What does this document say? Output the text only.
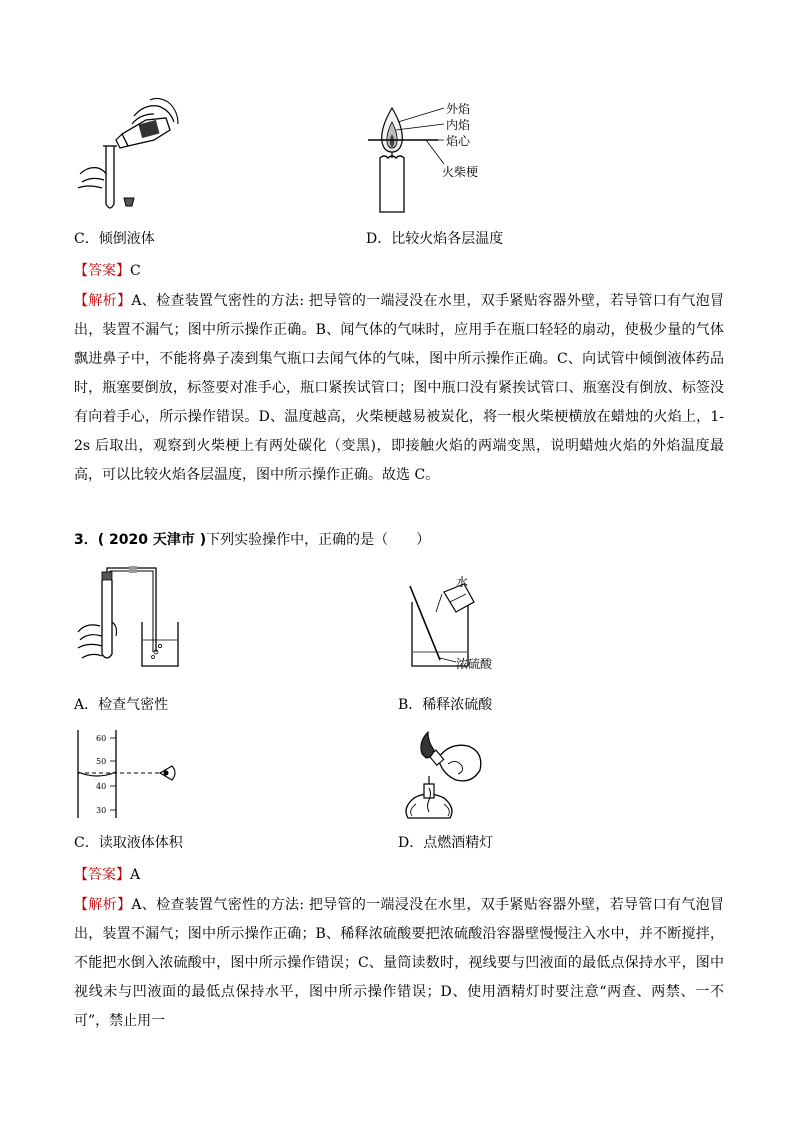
C．倾倒液体
外焰
内焰
焰心
火柴梗
D．比较火焰各层温度
【答案】C
【解析】A、检查装置气密性的方法: 把导管的一端浸没在水里，双手紧贴容器外壁，若导管口有气泡冒出，装置不漏气；图中所示操作正确。B、闻气体的气味时，应用手在瓶口轻轻的扇动，使极少量的气体飘进鼻子中，不能将鼻子凑到集气瓶口去闻气体的气味，图中所示操作正确。C、向试管中倾倒液体药品时，瓶塞要倒放，标签要对准手心，瓶口紧挨试管口；图中瓶口没有紧挨试管口、瓶塞没有倒放、标签没有向着手心，所示操作错误。D、温度越高，火柴梗越易被炭化，将一根火柴梗横放在蜡烛的火焰上，1-2s 后取出，观察到火柴梗上有两处碳化（变黑)，即接触火焰的两端变黑，说明蜡烛火焰的外焰温度最高，可以比较火焰各层温度，图中所示操作正确。故选 C。
3．( 2020 天津市 )下列实验操作中，正确的是（　　）
A．检查气密性
水
浓硫酸
B．稀释浓硫酸
60
50
40
30
C．读取液体体积	D．点燃酒精灯
【答案】A
【解析】A、检查装置气密性的方法: 把导管的一端浸没在水里，双手紧贴容器外壁，若导管口有气泡冒出，装置不漏气；图中所示操作正确；B、稀释浓硫酸要把浓硫酸沿容器壁慢慢注入水中，并不断搅拌，不能把水倒入浓硫酸中，图中所示操作错误；C、量筒读数时，视线要与凹液面的最低点保持水平，图中视线未与凹液面的最低点保持水平，图中所示操作错误；D、使用酒精灯时要注意“两查、两禁、一不可”，禁止用一
